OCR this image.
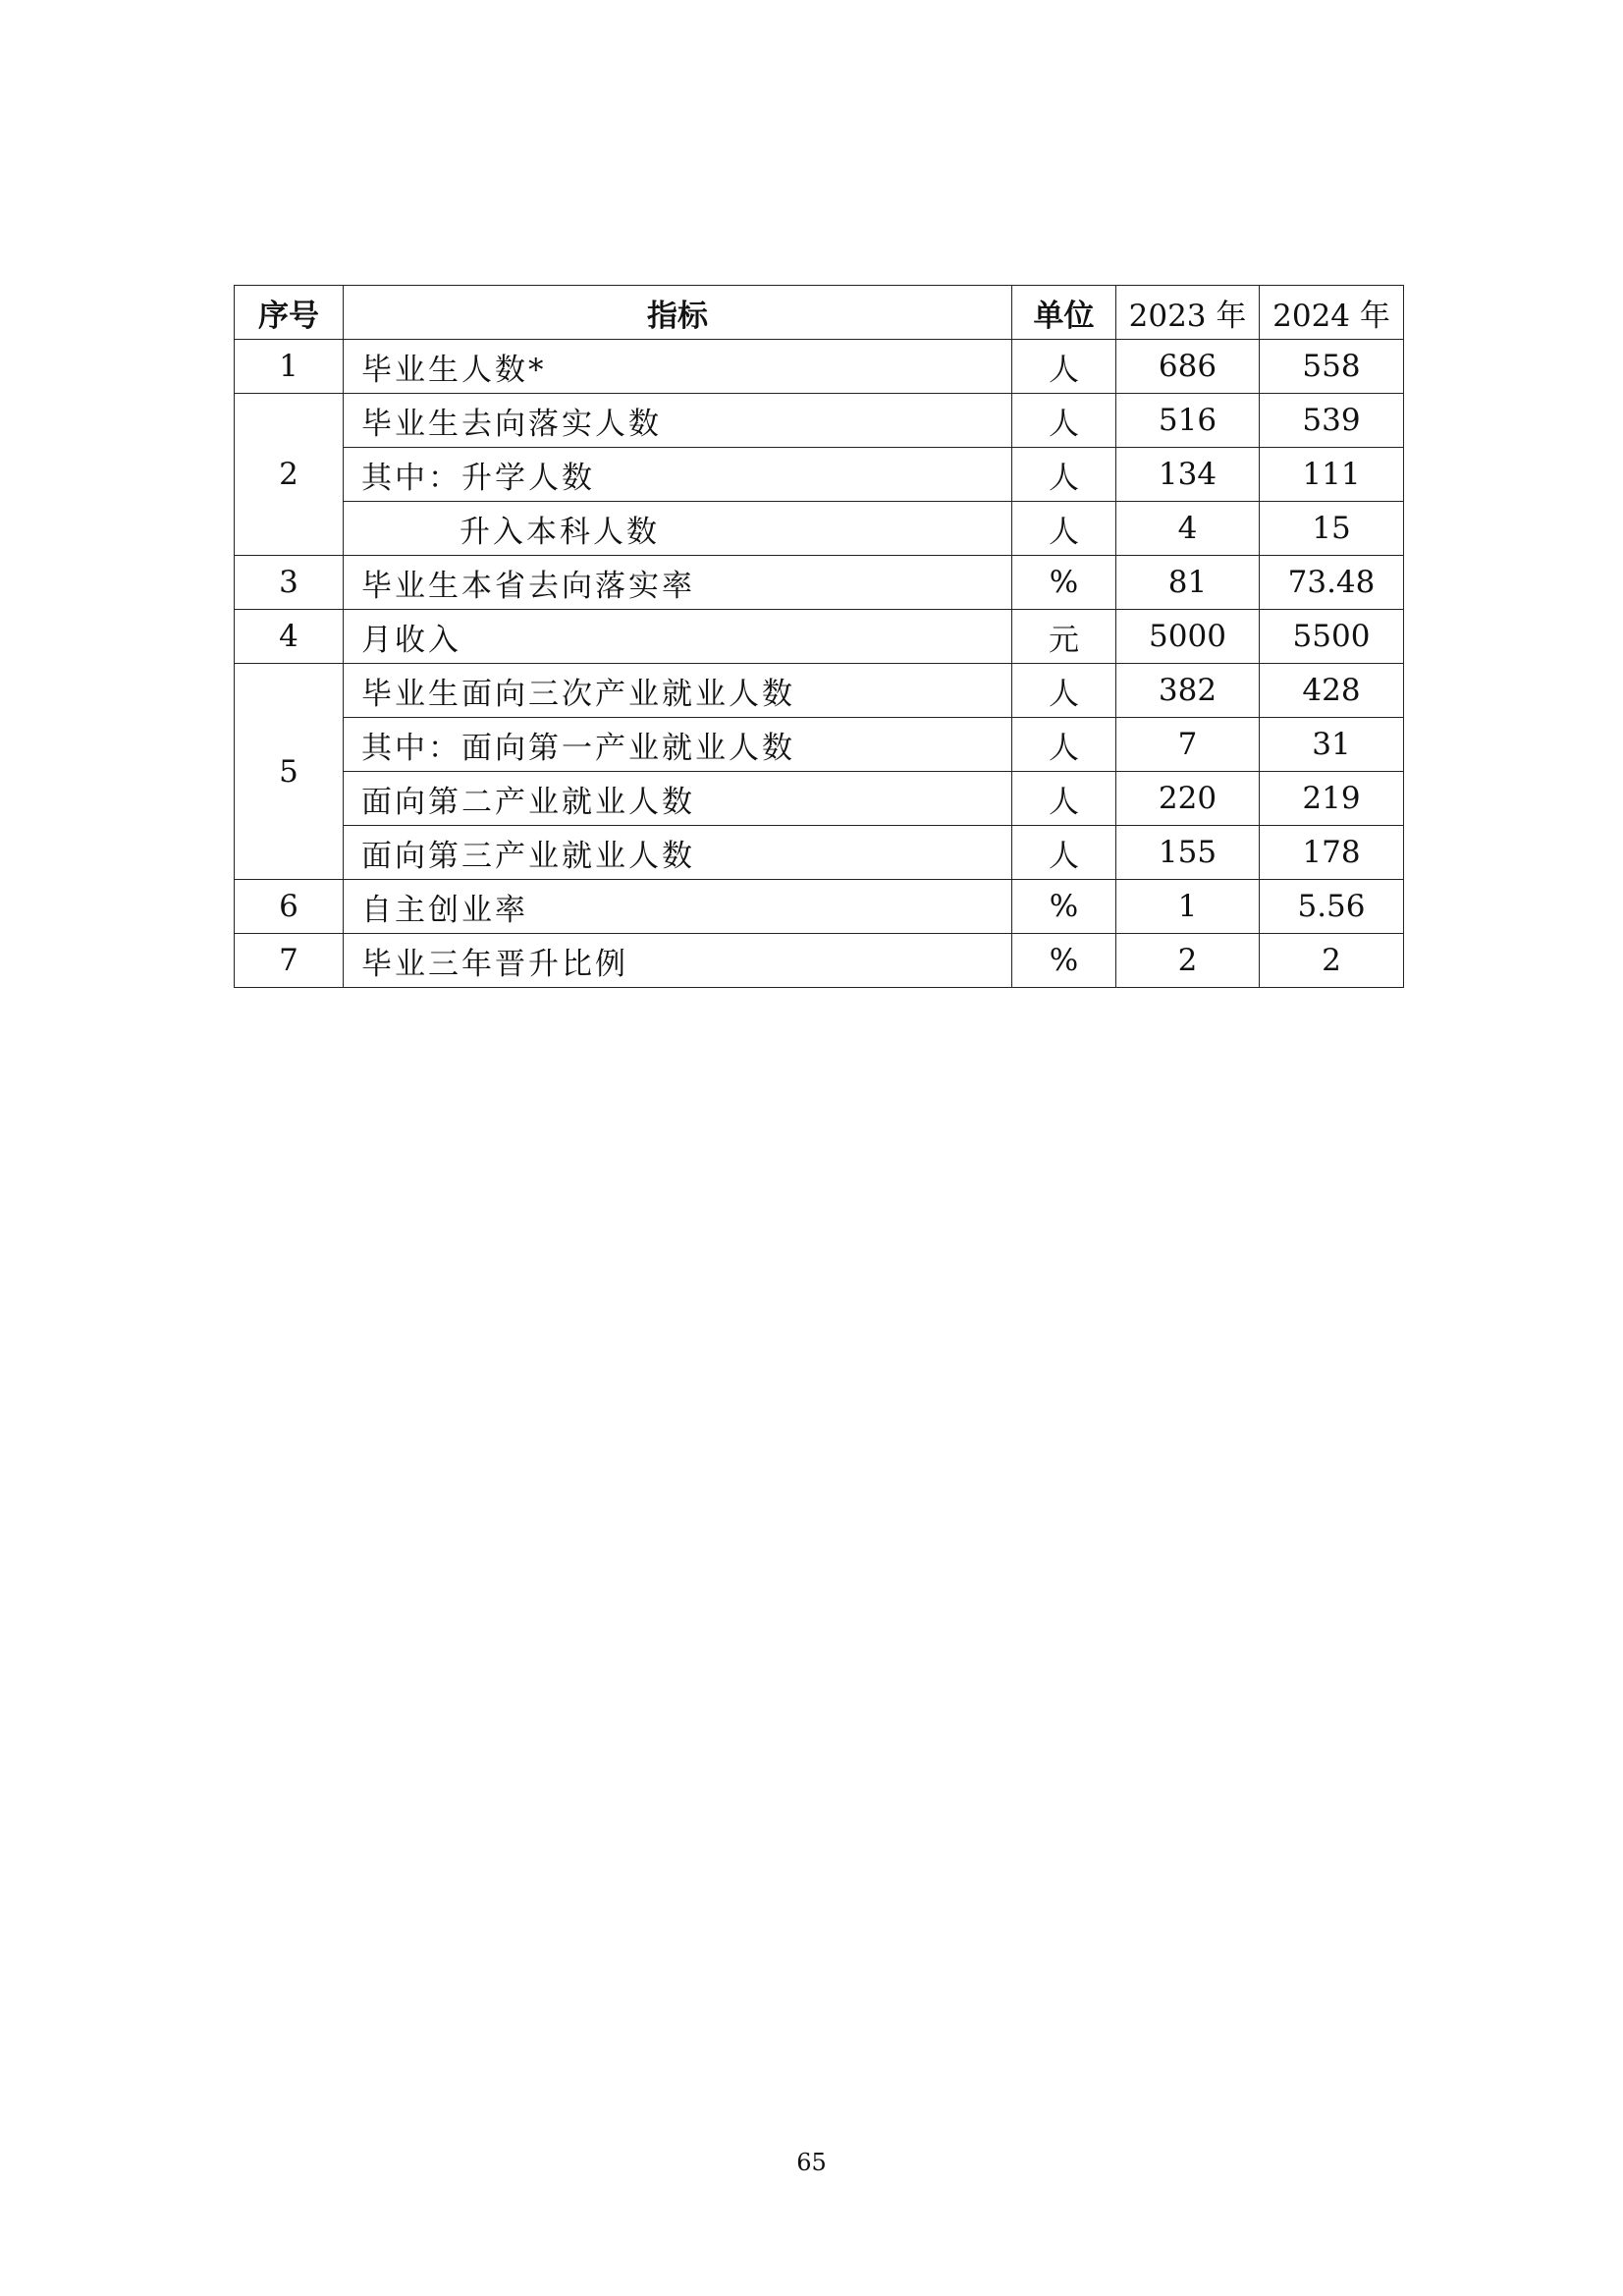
序号	指标	单位	2023 年	2024 年
1	毕业生人数*	人	686	558
2	毕业生去向落实人数	人	516	539
	其中：升学人数	人	134	111
	升入本科人数	人	4	15
3	毕业生本省去向落实率	%	81	73.48
4	月收入	元	5000	5500
5	毕业生面向三次产业就业人数	人	382	428
	其中：面向第一产业就业人数	人	7	31
	面向第二产业就业人数	人	220	219
	面向第三产业就业人数	人	155	178
6	自主创业率	%	1	5.56
7	毕业三年晋升比例	%	2	2
65
